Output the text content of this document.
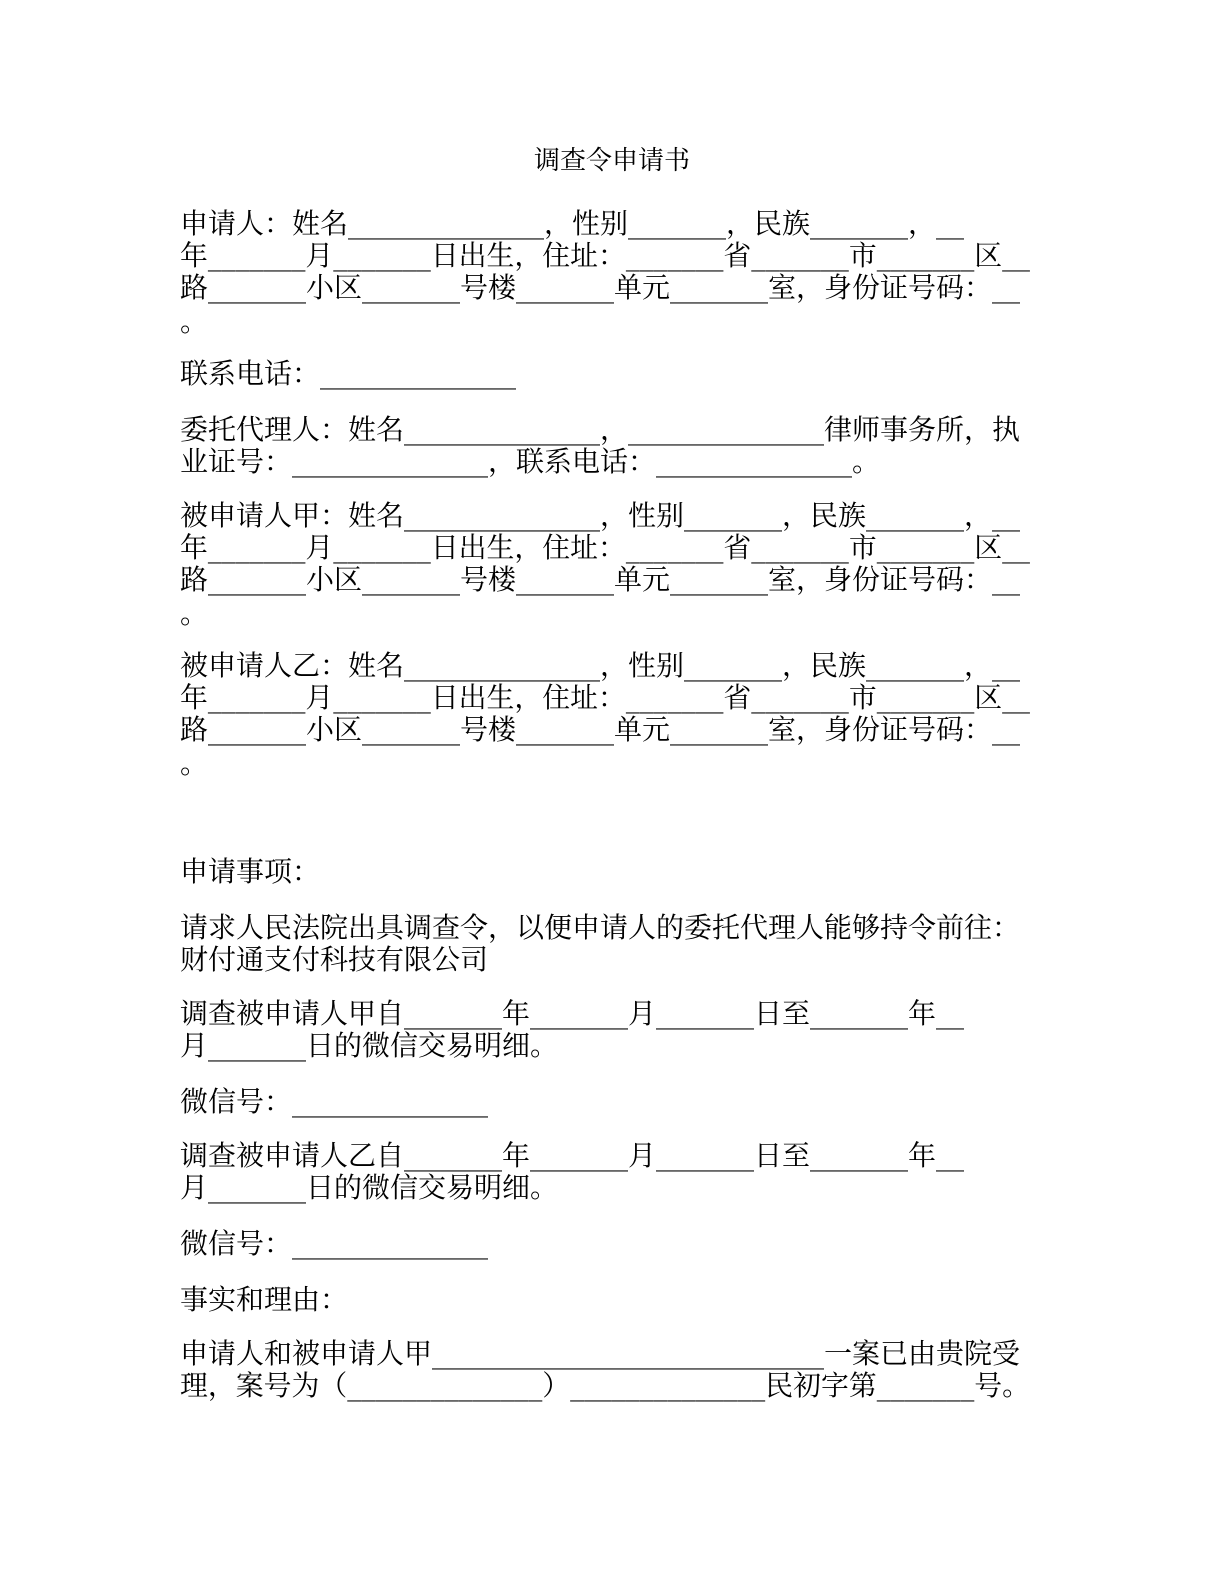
调查令申请书

申请人：姓名______________，性别_______，民族_______，__

年_______月_______日出生，住址：_______省_______市_______区__

路_______小区_______号楼_______单元_______室，身份证号码：__

。

联系电话：______________

委托代理人：姓名______________，______________律师事务所，执

业证号：______________，联系电话：______________。

被申请人甲：姓名______________，性别_______，民族_______，__

年_______月_______日出生，住址：_______省_______市_______区__

路_______小区_______号楼_______单元_______室，身份证号码：__

。

被申请人乙：姓名______________，性别_______，民族_______，__

年_______月_______日出生，住址：_______省_______市_______区__

路_______小区_______号楼_______单元_______室，身份证号码：__

。

申请事项：

请求人民法院出具调查令，以便申请人的委托代理人能够持令前往：

财付通支付科技有限公司

调查被申请人甲自_______年_______月_______日至_______年__

月_______日的微信交易明细。

微信号：______________

调查被申请人乙自_______年_______月_______日至_______年__

月_______日的微信交易明细。

微信号：______________

事实和理由：

申请人和被申请人甲____________________________一案已由贵院受

理，案号为（______________）______________民初字第_______号。
